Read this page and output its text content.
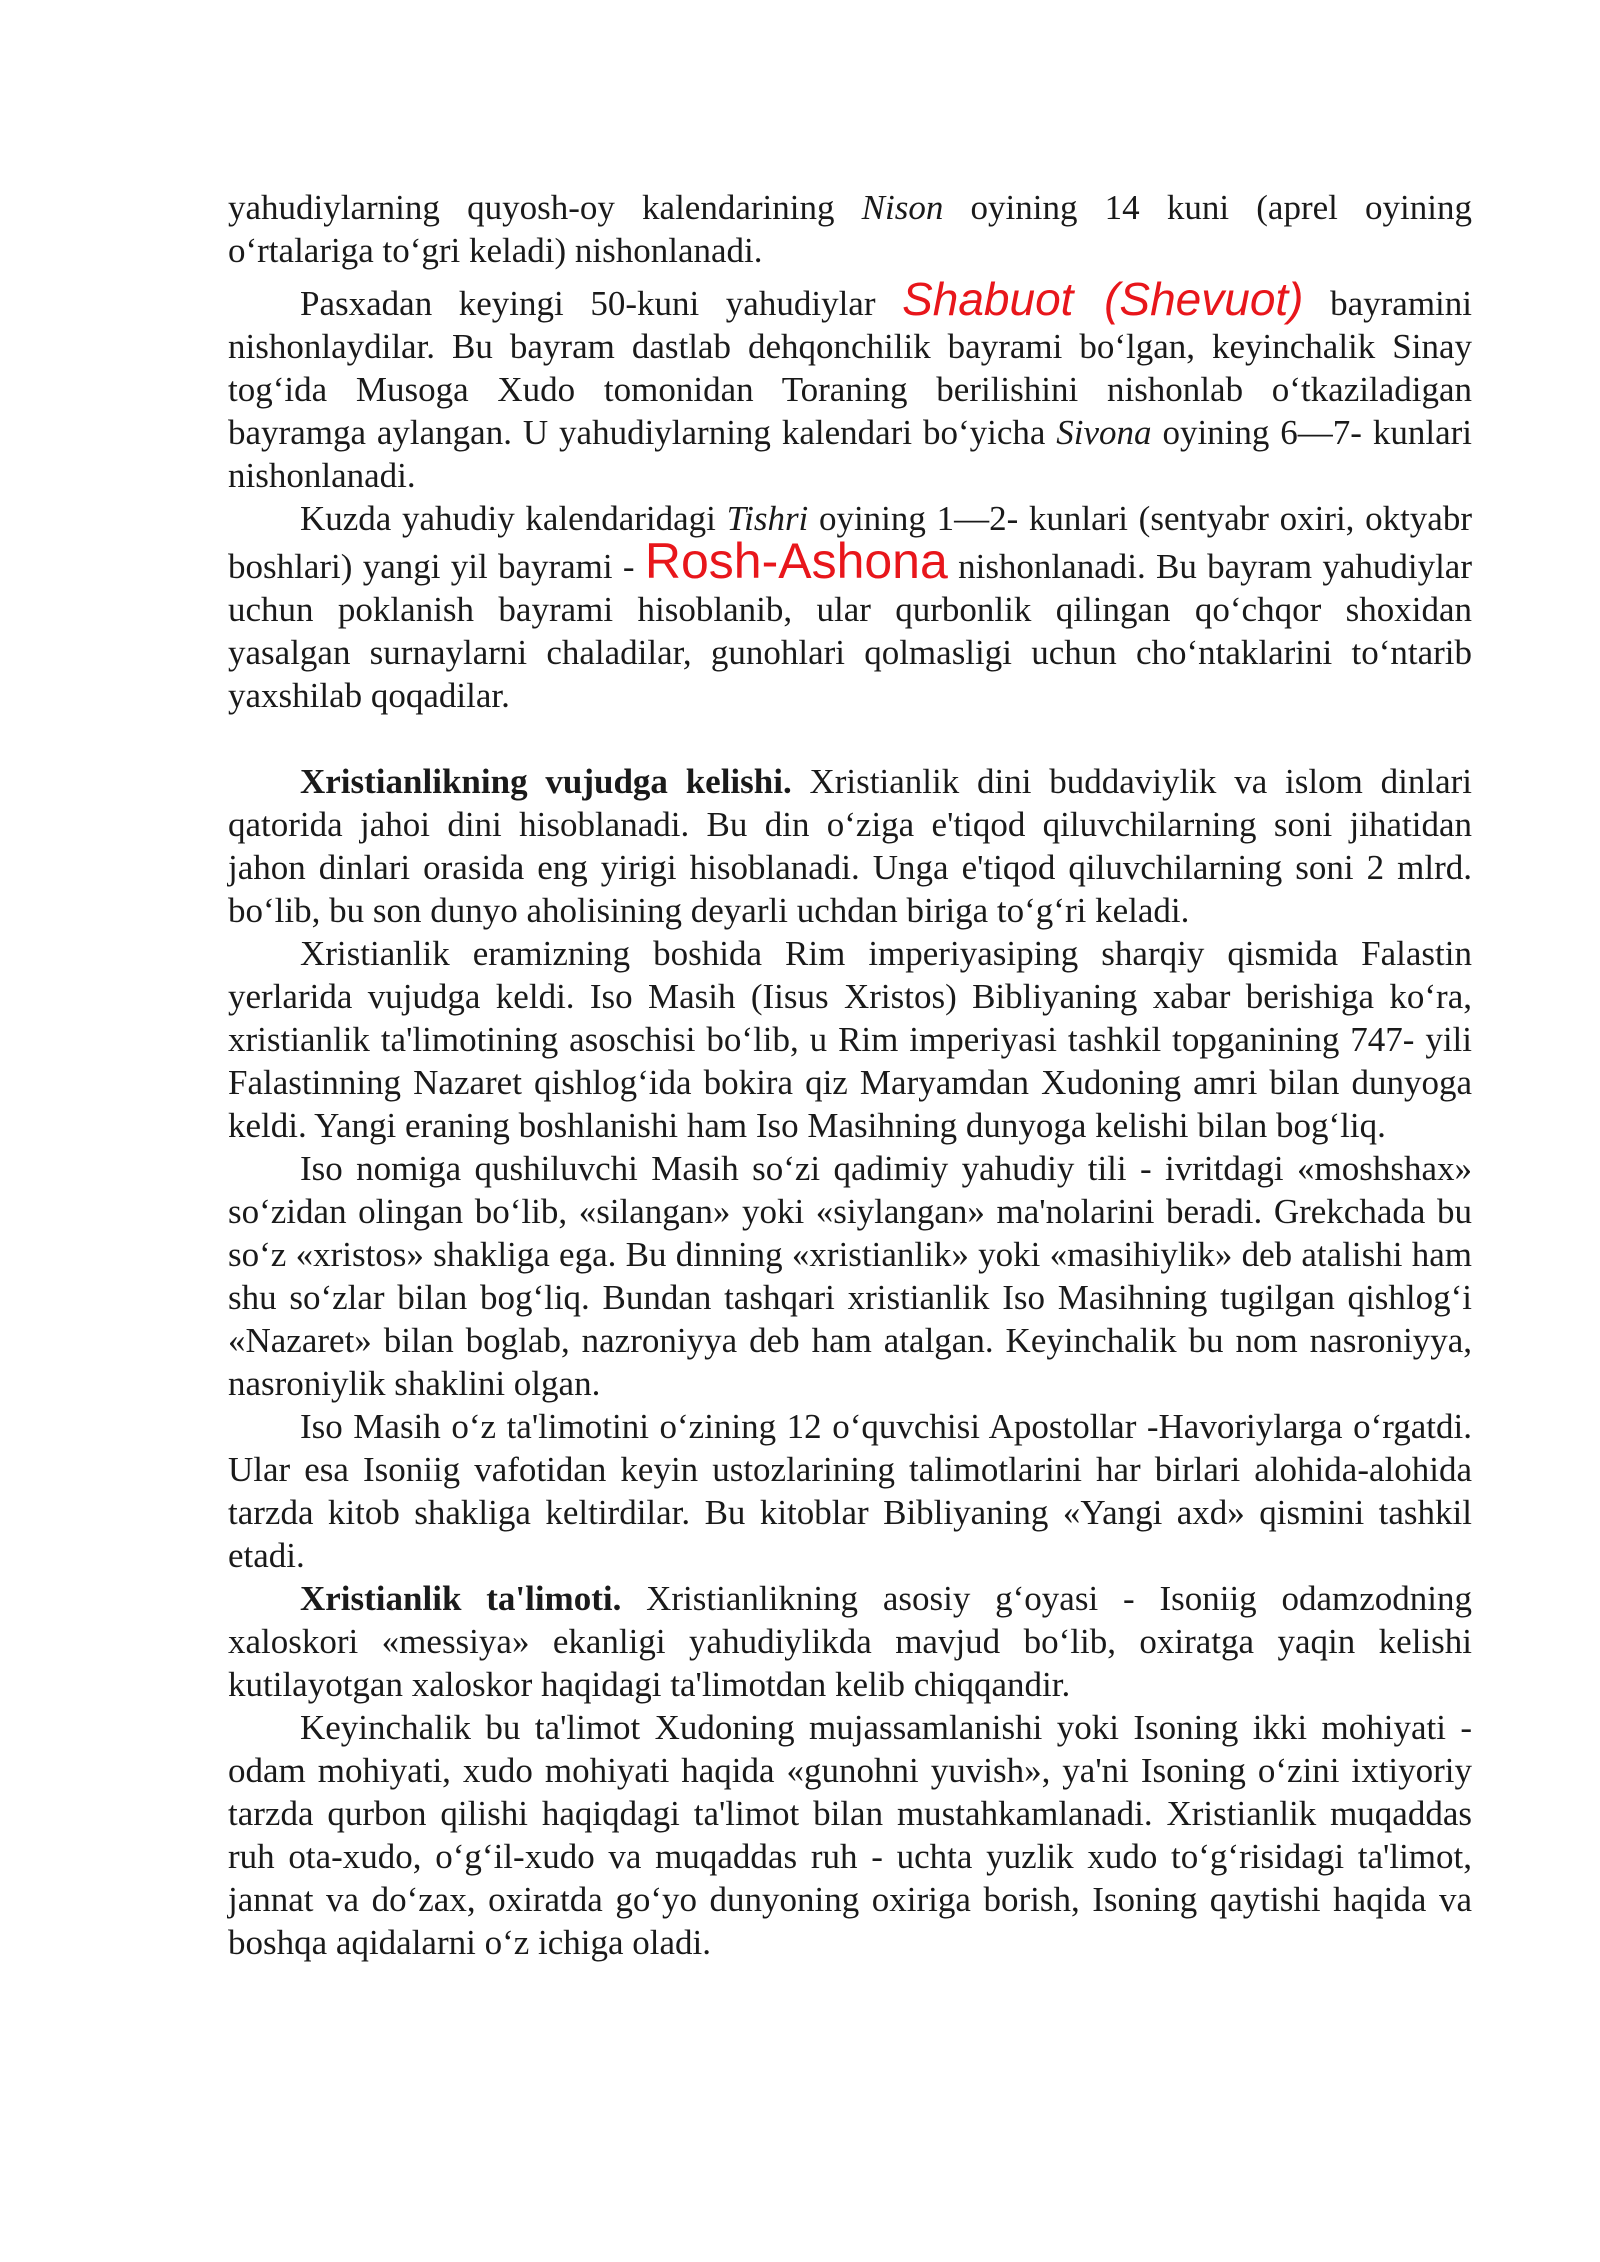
yahudiylarning quyosh-oy kalendarining Nison oyining 14 kuni (aprel oyining o‘rtalariga to‘gri keladi) nishonlanadi.

Pasxadan keyingi 50-kuni yahudiylar Shabuot (Shevuot) bayramini nishonlaydilar. Bu bayram dastlab dehqonchilik bayrami bo‘lgan, keyinchalik Sinay tog‘ida Musoga Xudo tomonidan Toraning berilishini nishonlab o‘tkaziladigan bayramga aylangan. U yahudiylarning kalendari bo‘yicha Sivona oyining 6—7- kunlari nishonlanadi.

Kuzda yahudiy kalendaridagi Tishri oyining 1—2- kunlari (sentyabr oxiri, oktyabr boshlari) yangi yil bayrami - Rosh-Ashona nishonlanadi. Bu bayram yahudiylar uchun poklanish bayrami hisoblanib, ular qurbonlik qilingan qo‘chqor shoxidan yasalgan surnaylarni chaladilar, gunohlari qolmasligi uchun cho‘ntaklarini to‘ntarib yaxshilab qoqadilar.

Xristianlikning vujudga kelishi. Xristianlik dini buddaviylik va islom dinlari qatorida jahoi dini hisoblanadi. Bu din o‘ziga e'tiqod qiluvchilarning soni jihatidan jahon dinlari orasida eng yirigi hisoblanadi. Unga e'tiqod qiluvchilarning soni 2 mlrd. bo‘lib, bu son dunyo aholisining deyarli uchdan biriga to‘g‘ri keladi.

Xristianlik eramizning boshida Rim imperiyasiping sharqiy qismida Falastin yerlarida vujudga keldi. Iso Masih (Iisus Xristos) Bibliyaning xabar berishiga ko‘ra, xristianlik ta'limotining asoschisi bo‘lib, u Rim imperiyasi tashkil topganining 747- yili Falastinning Nazaret qishlog‘ida bokira qiz Maryamdan Xudoning amri bilan dunyoga keldi. Yangi eraning boshlanishi ham Iso Masihning dunyoga kelishi bilan bog‘liq.

Iso nomiga qushiluvchi Masih so‘zi qadimiy yahudiy tili - ivritdagi «moshshax» so‘zidan olingan bo‘lib, «silangan» yoki «siylangan» ma'nolarini beradi. Grekchada bu so‘z «xristos» shakliga ega. Bu dinning «xristianlik» yoki «masihiylik» deb atalishi ham shu so‘zlar bilan bog‘liq. Bundan tashqari xristianlik Iso Masihning tugilgan qishlog‘i «Nazaret» bilan boglab, nazroniyya deb ham atalgan. Keyinchalik bu nom nasroniyya, nasroniylik shaklini olgan.

Iso Masih o‘z ta'limotini o‘zining 12 o‘quvchisi Apostollar -Havoriylarga o‘rgatdi. Ular esa Isoniig vafotidan keyin ustozlarining talimotlarini har birlari alohida-alohida tarzda kitob shakliga keltirdilar. Bu kitoblar Bibliyaning «Yangi axd» qismini tashkil etadi.

Xristianlik ta'limoti. Xristianlikning asosiy g‘oyasi - Isoniig odamzodning xaloskori «messiya» ekanligi yahudiylikda mavjud bo‘lib, oxiratga yaqin kelishi kutilayotgan xaloskor haqidagi ta'limotdan kelib chiqqandir.

Keyinchalik bu ta'limot Xudoning mujassamlanishi yoki Isoning ikki mohiyati - odam mohiyati, xudo mohiyati haqida «gunohni yuvish», ya'ni Isoning o‘zini ixtiyoriy tarzda qurbon qilishi haqiqdagi ta'limot bilan mustahkamlanadi. Xristianlik muqaddas ruh ota-xudo, o‘g‘il-xudo va muqaddas ruh - uchta yuzlik xudo to‘g‘risidagi ta'limot, jannat va do‘zax, oxiratda go‘yo dunyoning oxiriga borish, Isoning qaytishi haqida va boshqa aqidalarni o‘z ichiga oladi.
